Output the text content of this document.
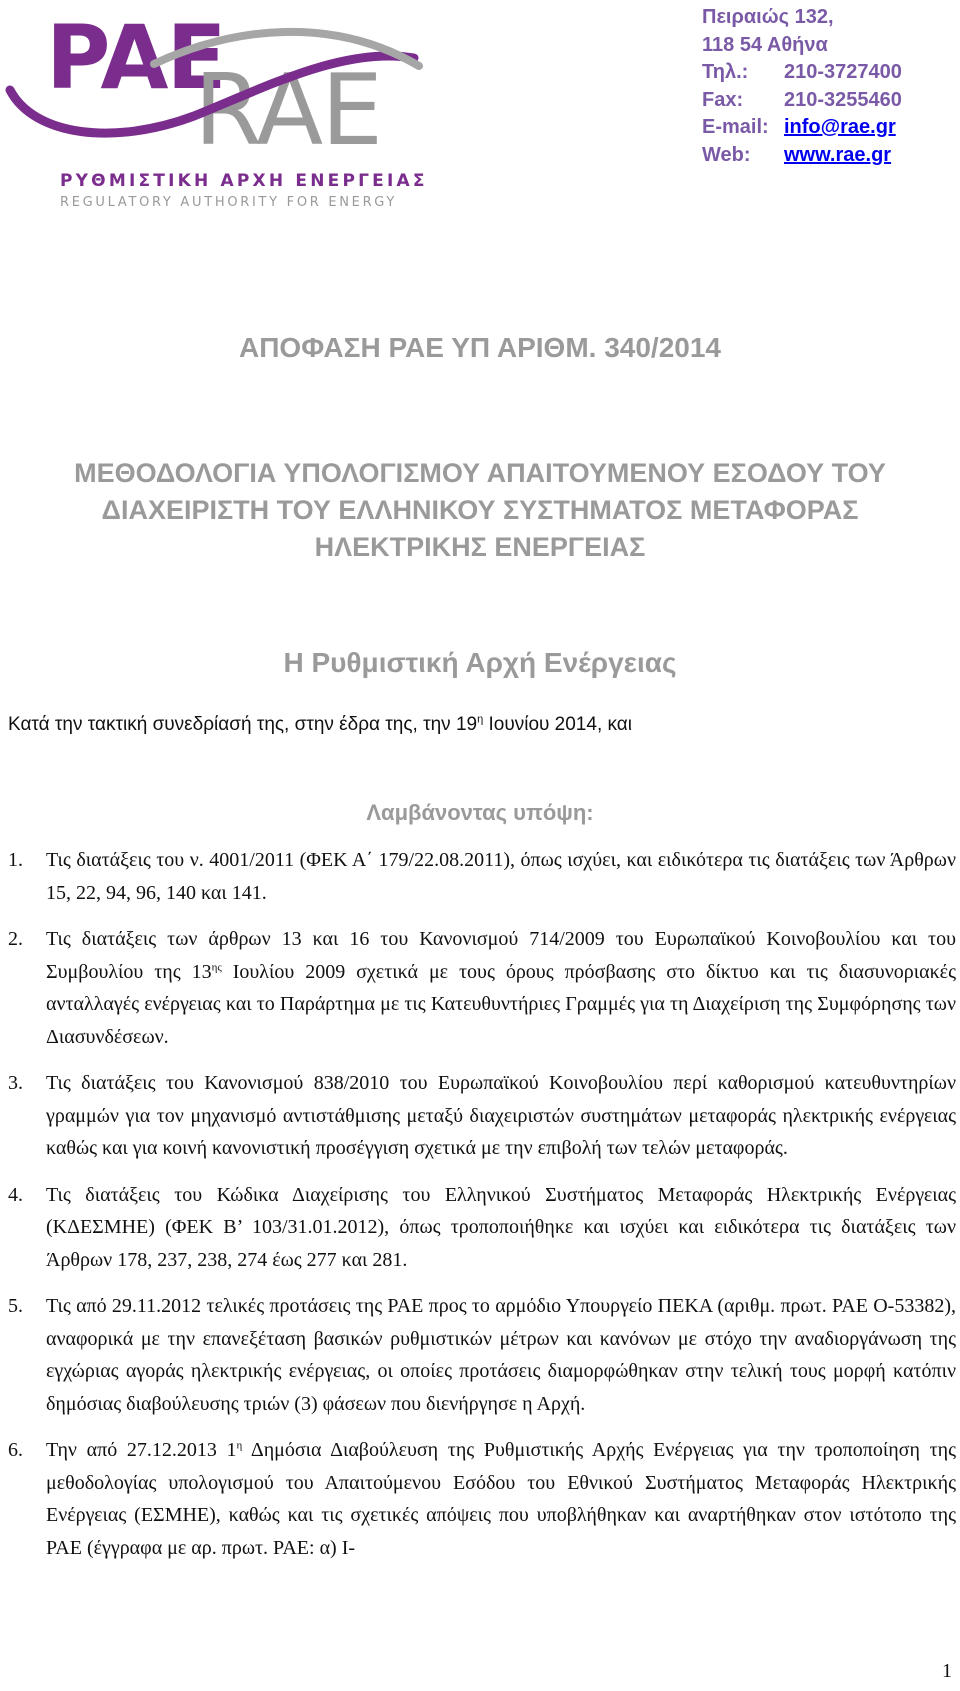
PAE
RAE
ΡΥΘΜΙΣΤΙΚΗ ΑΡΧΗ ΕΝΕΡΓΕΙΑΣ
REGULATORY AUTHORITY FOR ENERGY
Πειραιώς 132,
118 54 Αθήνα
Τηλ.:	210-3727400
Fax:	210-3255460
E-mail: info@rae.gr
Web:	www.rae.gr
ΑΠΟΦΑΣΗ ΡΑΕ ΥΠ ΑΡΙΘΜ. 340/2014
ΜΕΘΟΔΟΛΟΓΙΑ ΥΠΟΛΟΓΙΣΜΟΥ ΑΠΑΙΤΟΥΜΕΝΟΥ ΕΣΟΔΟΥ ΤΟΥ
ΔΙΑΧΕΙΡΙΣΤΗ ΤΟΥ ΕΛΛΗΝΙΚΟΥ ΣΥΣΤΗΜΑΤΟΣ ΜΕΤΑΦΟΡΑΣ
ΗΛΕΚΤΡΙΚΗΣ ΕΝΕΡΓΕΙΑΣ
Η Ρυθμιστική Αρχή Ενέργειας
Κατά την τακτική συνεδρίασή της, στην έδρα της, την $19^\eta$ Ιουνίου 2014, και
Λαμβάνοντας υπόψη:
1.	Τις διατάξεις του ν. 4001/2011 (ΦΕΚ Α΄ 179/22.08.2011), όπως ισχύει, και ειδικότερα τις διατάξεις των Άρθρων 15, 22, 94, 96, 140 και 141.
2.	Τις διατάξεις των άρθρων 13 και 16 του Κανονισμού 714/2009 του Ευρωπαϊκού Κοινοβουλίου και του Συμβουλίου της $13^{\eta\varsigma}$ Ιουλίου 2009 σχετικά με τους όρους πρόσβασης στο δίκτυο και τις διασυνοριακές ανταλλαγές ενέργειας και το Παράρτημα με τις Κατευθυντήριες Γραμμές για τη Διαχείριση της Συμφόρησης των Διασυνδέσεων.
3.	Τις διατάξεις του Κανονισμού 838/2010 του Ευρωπαϊκού Κοινοβουλίου περί καθορισμού κατευθυντηρίων γραμμών για τον μηχανισμό αντιστάθμισης μεταξύ διαχειριστών συστημάτων μεταφοράς ηλεκτρικής ενέργειας καθώς και για κοινή κανονιστική προσέγγιση σχετικά με την επιβολή των τελών μεταφοράς.
4.	Τις διατάξεις του Κώδικα Διαχείρισης του Ελληνικού Συστήματος Μεταφοράς Ηλεκτρικής Ενέργειας (ΚΔΕΣΜΗΕ) (ΦΕΚ Β’ 103/31.01.2012), όπως τροποποιήθηκε και ισχύει και ειδικότερα τις διατάξεις των Άρθρων 178, 237, 238, 274 έως 277 και 281.
5.	Τις από 29.11.2012 τελικές προτάσεις της ΡΑΕ προς το αρμόδιο Υπουργείο ΠΕΚΑ (αριθμ. πρωτ. ΡΑΕ Ο-53382), αναφορικά με την επανεξέταση βασικών ρυθμιστικών μέτρων και κανόνων με στόχο την αναδιοργάνωση της εγχώριας αγοράς ηλεκτρικής ενέργειας, οι οποίες προτάσεις διαμορφώθηκαν στην τελική τους μορφή κατόπιν δημόσιας διαβούλευσης τριών (3) φάσεων που διενήργησε η Αρχή.
6.	Την από 27.12.2013 $1^\eta$ Δημόσια Διαβούλευση της Ρυθμιστικής Αρχής Ενέργειας για την τροποποίηση της μεθοδολογίας υπολογισμού του Απαιτούμενου Εσόδου του Εθνικού Συστήματος Μεταφοράς Ηλεκτρικής Ενέργειας (ΕΣΜΗΕ), καθώς και τις σχετικές απόψεις που υποβλήθηκαν και αναρτήθηκαν στον ιστότοπο της ΡΑΕ (έγγραφα με αρ. πρωτ. ΡΑΕ: α) Ι-
1
